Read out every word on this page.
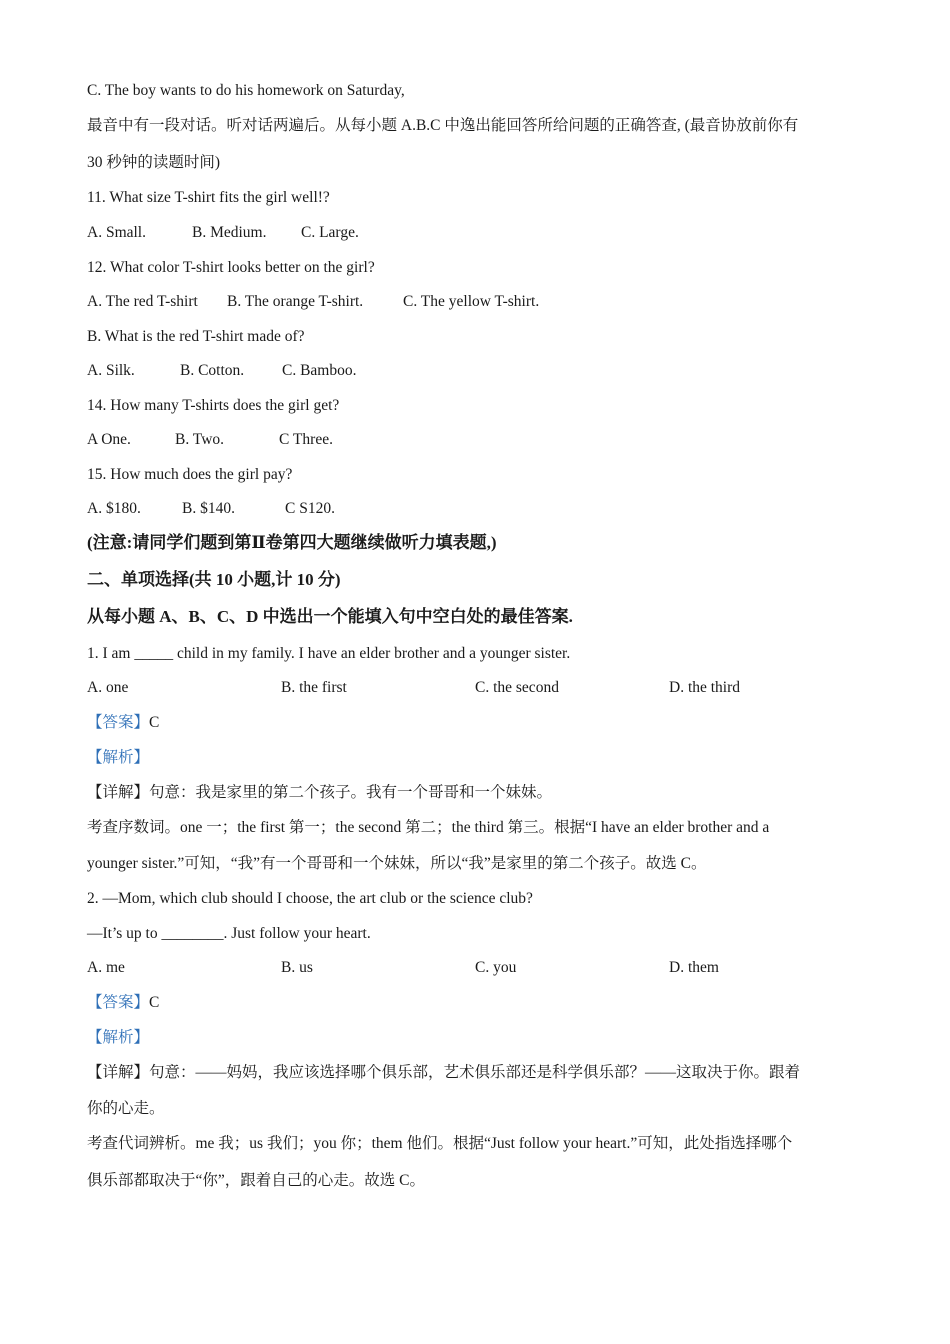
C. The boy wants to do his homework on Saturday,
最音中有一段对话。听对话两遍后。从每小题 A.B.C 中逸出能回答所给问题的正确答查, (最音协放前你有
30 秒钟的读题时间)
11. What size T-shirt fits the girl well!?
A. Small.	B. Medium. C. Large.
12. What color T-shirt looks better on the girl?
A. The red T-shirt B. The orange T-shirt.	C. The yellow T-shirt.
B. What is the red T-shirt made of?
A. Silk.	B. Cotton. C. Bamboo.
14. How many T-shirts does the girl get?
A One.	B. Two.	C Three.
15. How much does the girl pay?
A. $180.	B. $140.	C S120.
(注意:请同学们题到第Ⅱ卷第四大题继续做听力填表题,)
二、单项选择(共 10 小题,计 10 分)
从每小题 A、B、C、D 中选出一个能填入句中空白处的最佳答案.
1. I am _____ child in my family. I have an elder brother and a younger sister.
A. one	B. the first	C. the second	D. the third
【答案】C
【解析】
【详解】句意：我是家里的第二个孩子。我有一个哥哥和一个妹妹。
考查序数词。one 一；the first 第一；the second 第二；the third 第三。根据“I have an elder brother and a
younger sister.”可知，“我”有一个哥哥和一个妹妹，所以“我”是家里的第二个孩子。故选 C。
2. —Mom, which club should I choose, the art club or the science club?
—It’s up to ________. Just follow your heart.
A. me	B. us	C. you	D. them
【答案】C
【解析】
【详解】句意：——妈妈，我应该选择哪个俱乐部，艺术俱乐部还是科学俱乐部？——这取决于你。跟着
你的心走。
考查代词辨析。me 我；us 我们；you 你；them 他们。根据“Just follow your heart.”可知，此处指选择哪个
俱乐部都取决于“你”，跟着自己的心走。故选 C。
